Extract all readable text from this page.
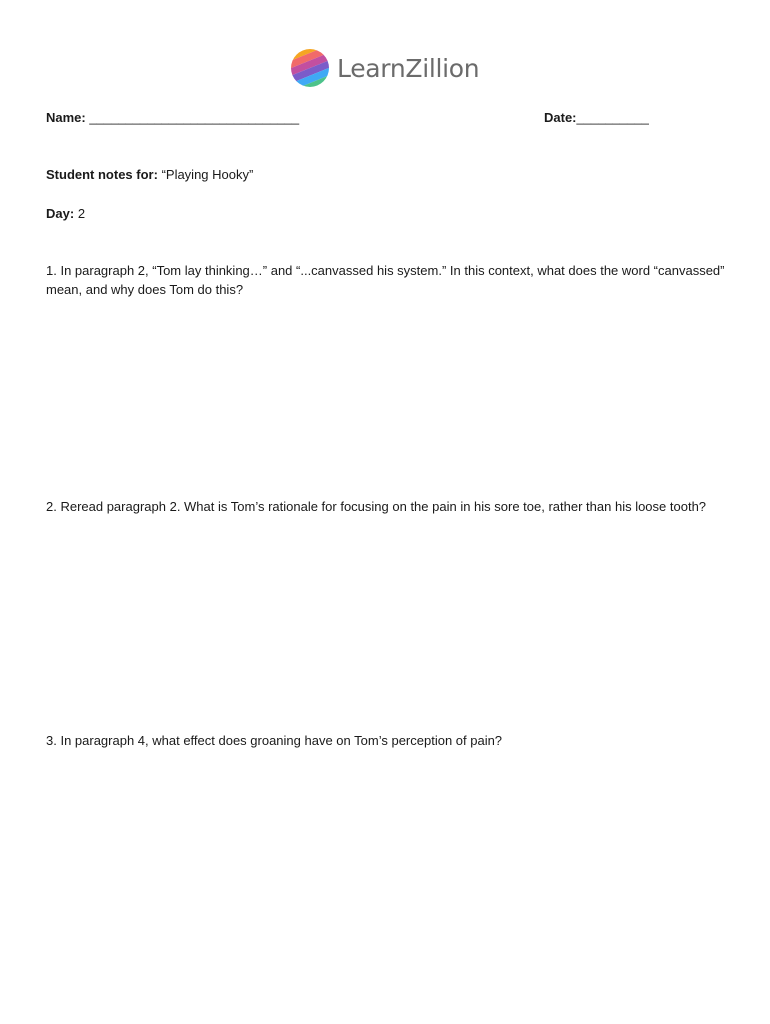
LearnZillion
Name: _____________________________	Date:__________
Student notes for: “Playing Hooky”
Day: 2
1. In paragraph 2, “Tom lay thinking…” and “...canvassed his system.” In this context, what does the word “canvassed” mean, and why does Tom do this?
2. Reread paragraph 2. What is Tom’s rationale for focusing on the pain in his sore toe, rather than his loose tooth?
3. In paragraph 4, what effect does groaning have on Tom’s perception of pain?
